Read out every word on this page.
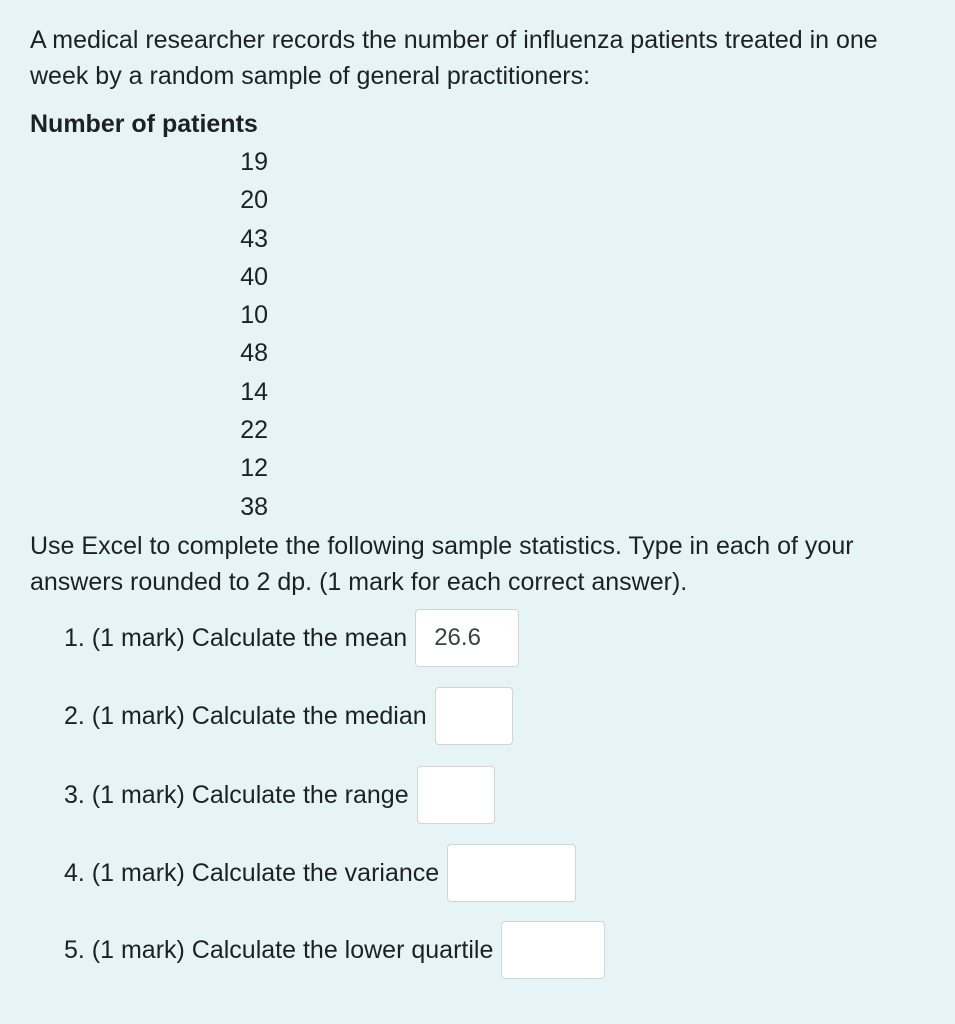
A medical researcher records the number of influenza patients treated in one week by a random sample of general practitioners:
Number of patients
19
20
43
40
10
48
14
22
12
38
Use Excel to complete the following sample statistics. Type in each of your answers rounded to 2 dp. (1 mark for each correct answer).
1. (1 mark) Calculate the mean
26.6
2. (1 mark) Calculate the median
3. (1 mark) Calculate the range
4. (1 mark) Calculate the variance
5. (1 mark) Calculate the lower quartile
